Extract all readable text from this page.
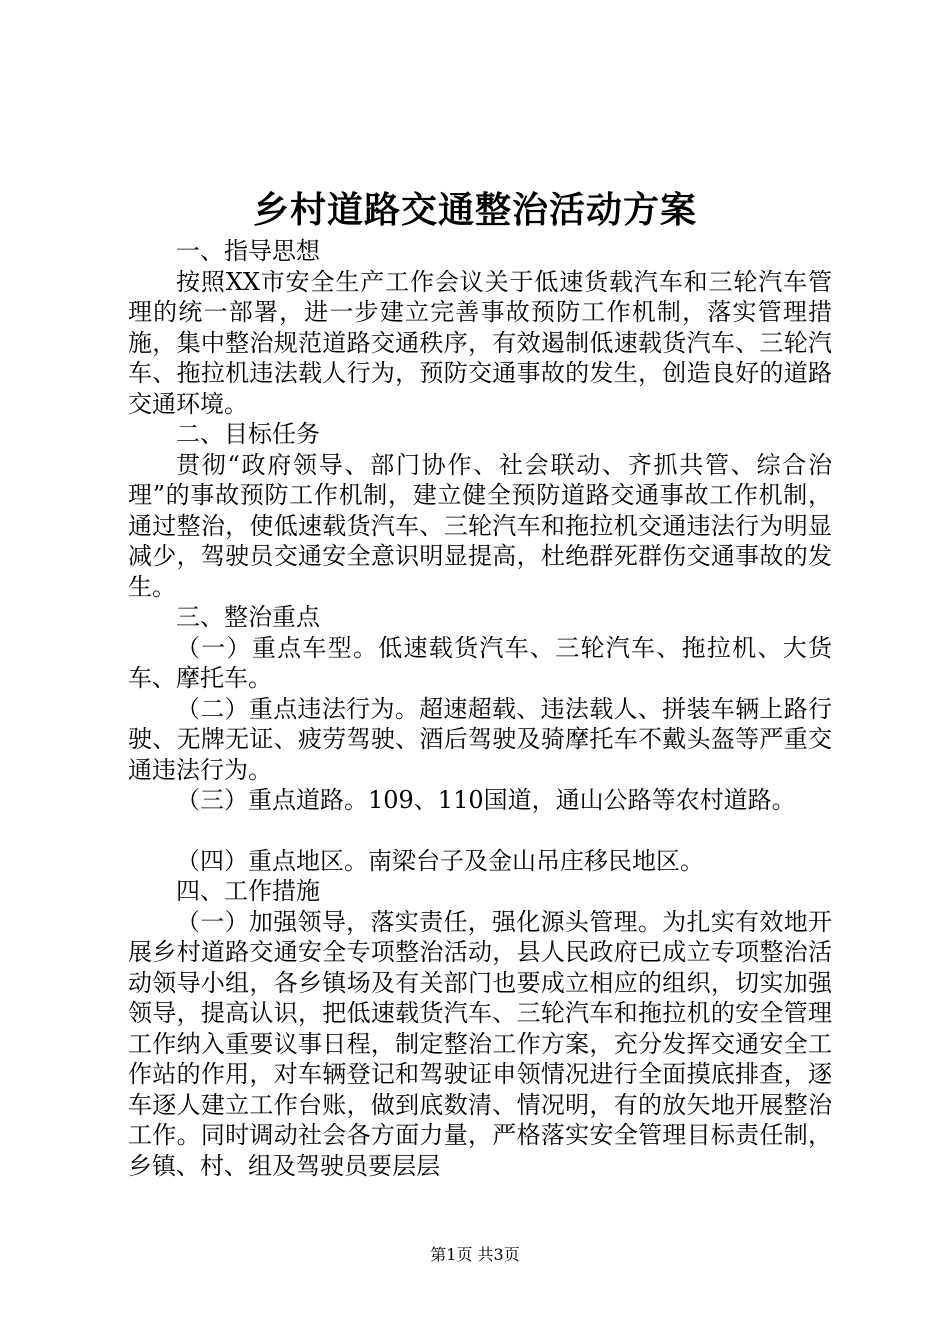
乡村道路交通整治活动方案

一、指导思想

按照XX市安全生产工作会议关于低速货载汽车和三轮汽车管理的统一部署，进一步建立完善事故预防工作机制，落实管理措施，集中整治规范道路交通秩序，有效遏制低速载货汽车、三轮汽车、拖拉机违法载人行为，预防交通事故的发生，创造良好的道路交通环境。

二、目标任务

贯彻“政府领导、部门协作、社会联动、齐抓共管、综合治理”的事故预防工作机制，建立健全预防道路交通事故工作机制，通过整治，使低速载货汽车、三轮汽车和拖拉机交通违法行为明显减少，驾驶员交通安全意识明显提高，杜绝群死群伤交通事故的发生。

三、整治重点

（一）重点车型。低速载货汽车、三轮汽车、拖拉机、大货车、摩托车。

（二）重点违法行为。超速超载、违法载人、拼装车辆上路行驶、无牌无证、疲劳驾驶、酒后驾驶及骑摩托车不戴头盔等严重交通违法行为。

（三）重点道路。109、110国道，通山公路等农村道路。

（四）重点地区。南梁台子及金山吊庄移民地区。

四、工作措施

（一）加强领导，落实责任，强化源头管理。为扎实有效地开展乡村道路交通安全专项整治活动，县人民政府已成立专项整治活动领导小组，各乡镇场及有关部门也要成立相应的组织，切实加强领导，提高认识，把低速载货汽车、三轮汽车和拖拉机的安全管理工作纳入重要议事日程，制定整治工作方案，充分发挥交通安全工作站的作用，对车辆登记和驾驶证申领情况进行全面摸底排查，逐车逐人建立工作台账，做到底数清、情况明，有的放矢地开展整治工作。同时调动社会各方面力量，严格落实安全管理目标责任制，乡镇、村、组及驾驶员要层层

第1页 共3页
